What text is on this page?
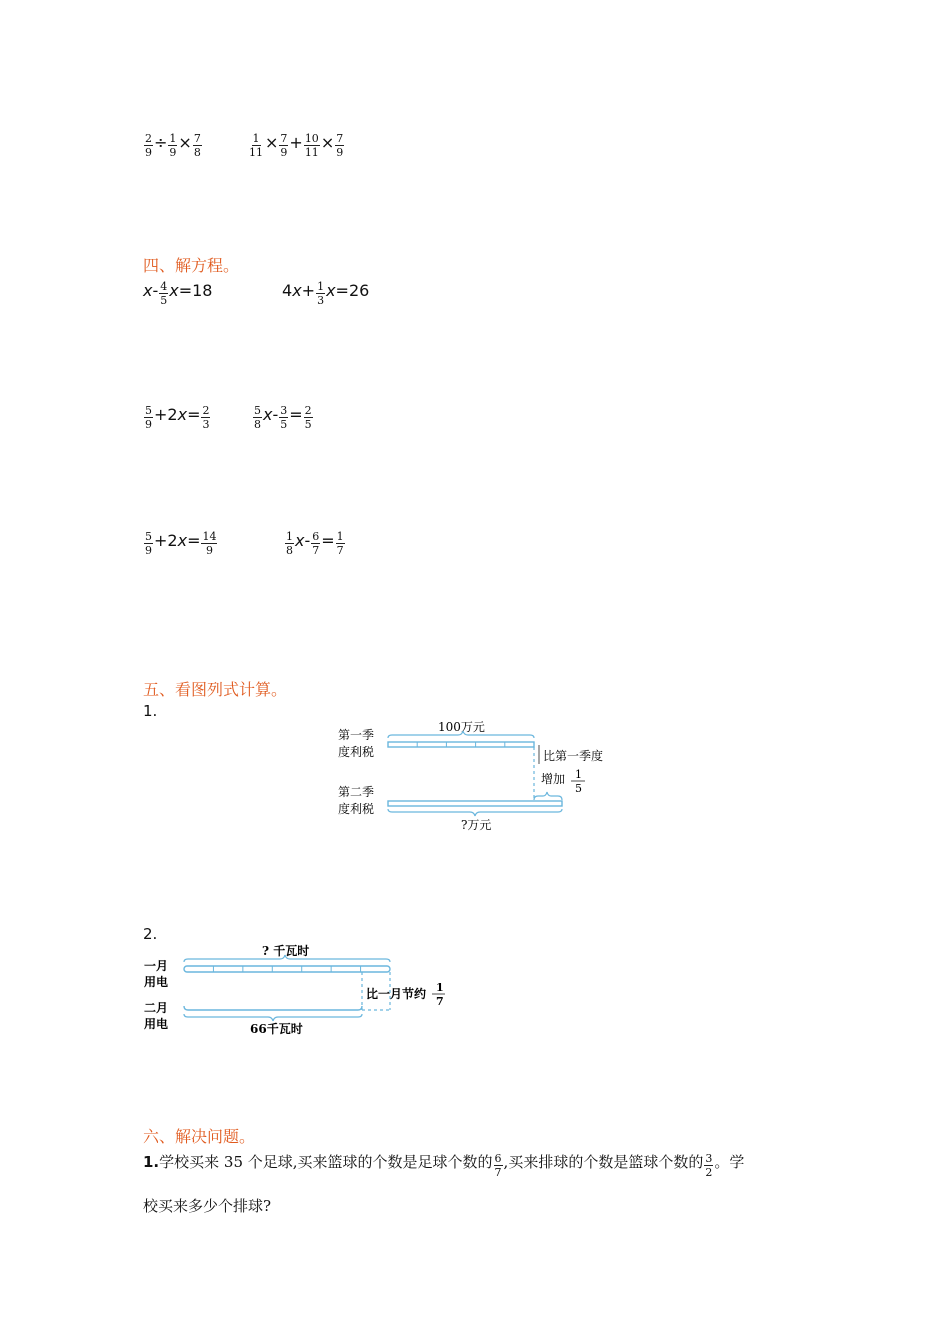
$\frac{2}{9} \div \frac{1}{9} \times \frac{7}{8}$	$\frac{1}{11} \times \frac{7}{9} + \frac{10}{11} \times \frac{7}{9}$
四、解方程。
x - 4
5
x=18	4 $x + \frac{1}{3} x=26$
5
9
+2 $x = \frac{2}{3}$	5
8
$x - \frac{3}{5} = \frac{2}{5}$
5
9
+2 $x = \frac{14}{9}$	1
8
$x - \frac{6}{7} = \frac{1}{7}$
五、看图列式计算。
1.
第一季
度利税
第二季
度利税
100万元
?万元
比第一季度
增加 1
5
2.
一月
用电
二月
用电
? 千瓦时
66千瓦时
比一月节约 1
7
六、解决问题。
1. 学校买来 35 个足球,买来篮球的个数是足球个数的 6
7
,买来排球的个数是篮球个数的 3
2
。学
校买来多少个排球?
